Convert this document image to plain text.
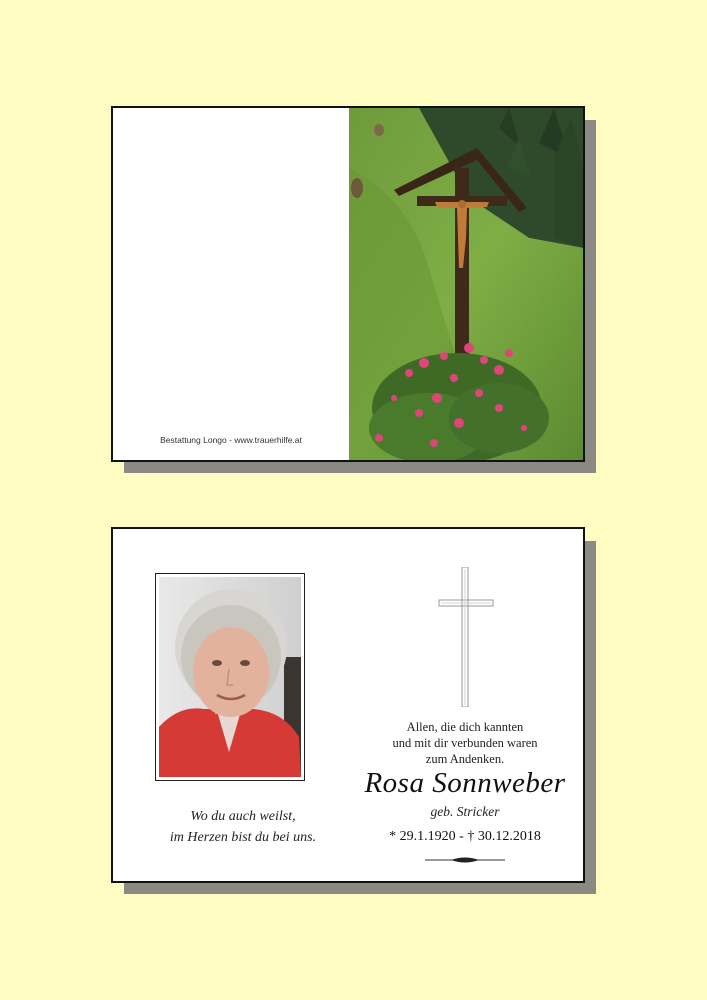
Bestattung Longo - www.trauerhilfe.at
Wo du auch weilst,
im Herzen bist du bei uns.
Allen, die dich kannten
und mit dir verbunden waren
zum Andenken.
Rosa Sonnweber
geb. Stricker
* 29.1.1920 - † 30.12.2018
